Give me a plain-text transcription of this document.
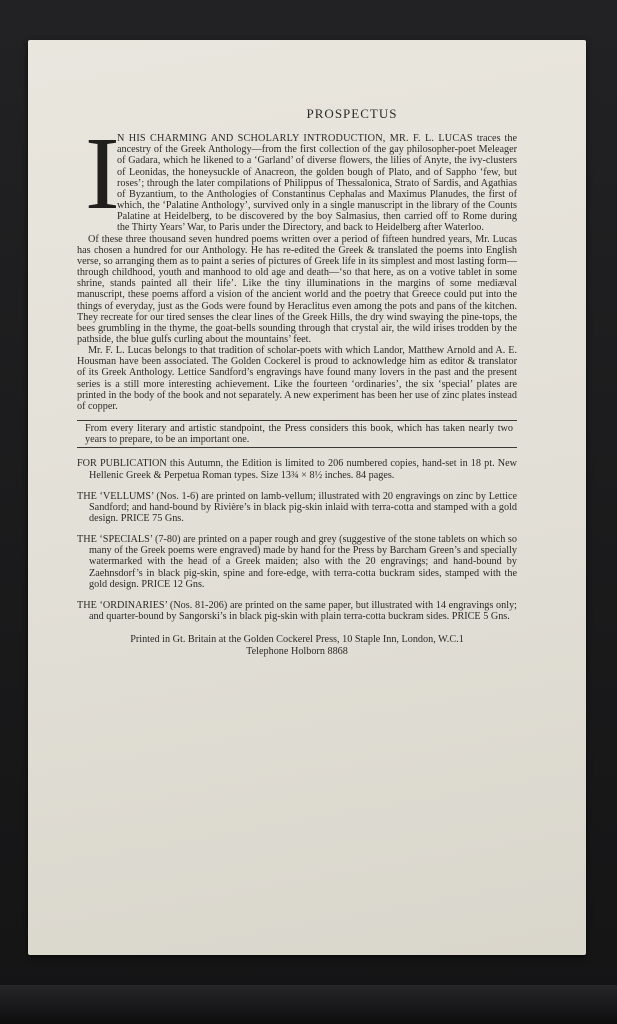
PROSPECTUS
I

N HIS CHARMING AND SCHOLARLY INTRODUCTION, MR. F. L. LUCAS traces the ancestry of the Greek Anthology—from the first collection of the gay philosopher-poet Meleager of Gadara, which he likened to a ‘Garland’ of diverse flowers, the lilies of Anyte, the ivy-clusters of Leonidas, the honeysuckle of Anacreon, the golden bough of Plato, and of Sappho ‘few, but roses’; through the later compilations of Philippus of Thessalonica, Strato of Sardis, and Agathias of Byzantium, to the Anthologies of Constantinus Cephalas and Maximus Planudes, the first of which, the ‘Palatine Anthology’, survived only in a single manuscript in the library of the Counts Palatine at Heidelberg, to be discovered by the boy Salmasius, then carried off to Rome during the Thirty Years’ War, to Paris under the Directory, and back to Heidelberg after Waterloo.

Of these three thousand seven hundred poems written over a period of fifteen hundred years, Mr. Lucas has chosen a hundred for our Anthology. He has re-edited the Greek & translated the poems into English verse, so arranging them as to paint a series of pictures of Greek life in its simplest and most lasting form—through childhood, youth and manhood to old age and death—‘so that here, as on a votive tablet in some shrine, stands painted all their life’. Like the tiny illuminations in the margins of some mediæval manuscript, these poems afford a vision of the ancient world and the poetry that Greece could put into the things of everyday, just as the Gods were found by Heraclitus even among the pots and pans of the kitchen. They recreate for our tired senses the clear lines of the Greek Hills, the dry wind swaying the pine-tops, the bees grumbling in the thyme, the goat-bells sounding through that crystal air, the wild irises trodden by the pathside, the blue gulfs curling about the mountains’ feet.

Mr. F. L. Lucas belongs to that tradition of scholar-poets with which Landor, Matthew Arnold and A. E. Housman have been associated. The Golden Cockerel is proud to acknowledge him as editor & translator of its Greek Anthology. Lettice Sandford’s engravings have found many lovers in the past and the present series is a still more interesting achievement. Like the fourteen ‘ordinaries’, the six ‘special’ plates are printed in the body of the book and not separately. A new experiment has been her use of zinc plates instead of copper.

From every literary and artistic standpoint, the Press considers this book, which has taken nearly two years to prepare, to be an important one.

FOR PUBLICATION this Autumn, the Edition is limited to 206 numbered copies, hand-set in 18 pt. New Hellenic Greek & Perpetua Roman types. Size 13¾ × 8½ inches. 84 pages.

THE ‘VELLUMS’ (Nos. 1-6) are printed on lamb-vellum; illustrated with 20 engravings on zinc by Lettice Sandford; and hand-bound by Rivière’s in black pig-skin inlaid with terra-cotta and stamped with a gold design. PRICE 75 Gns.

THE ‘SPECIALS’ (7-80) are printed on a paper rough and grey (suggestive of the stone tablets on which so many of the Greek poems were engraved) made by hand for the Press by Barcham Green’s and specially watermarked with the head of a Greek maiden; also with the 20 engravings; and hand-bound by Zaehnsdorf’s in black pig-skin, spine and fore-edge, with terra-cotta buckram sides, stamped with the gold design. PRICE 12 Gns.

THE ‘ORDINARIES’ (Nos. 81-206) are printed on the same paper, but illustrated with 14 engravings only; and quarter-bound by Sangorski’s in black pig-skin with plain terra-cotta buckram sides. PRICE 5 Gns.

Printed in Gt. Britain at the Golden Cockerel Press, 10 Staple Inn, London, W.C.1
Telephone Holborn 8868
